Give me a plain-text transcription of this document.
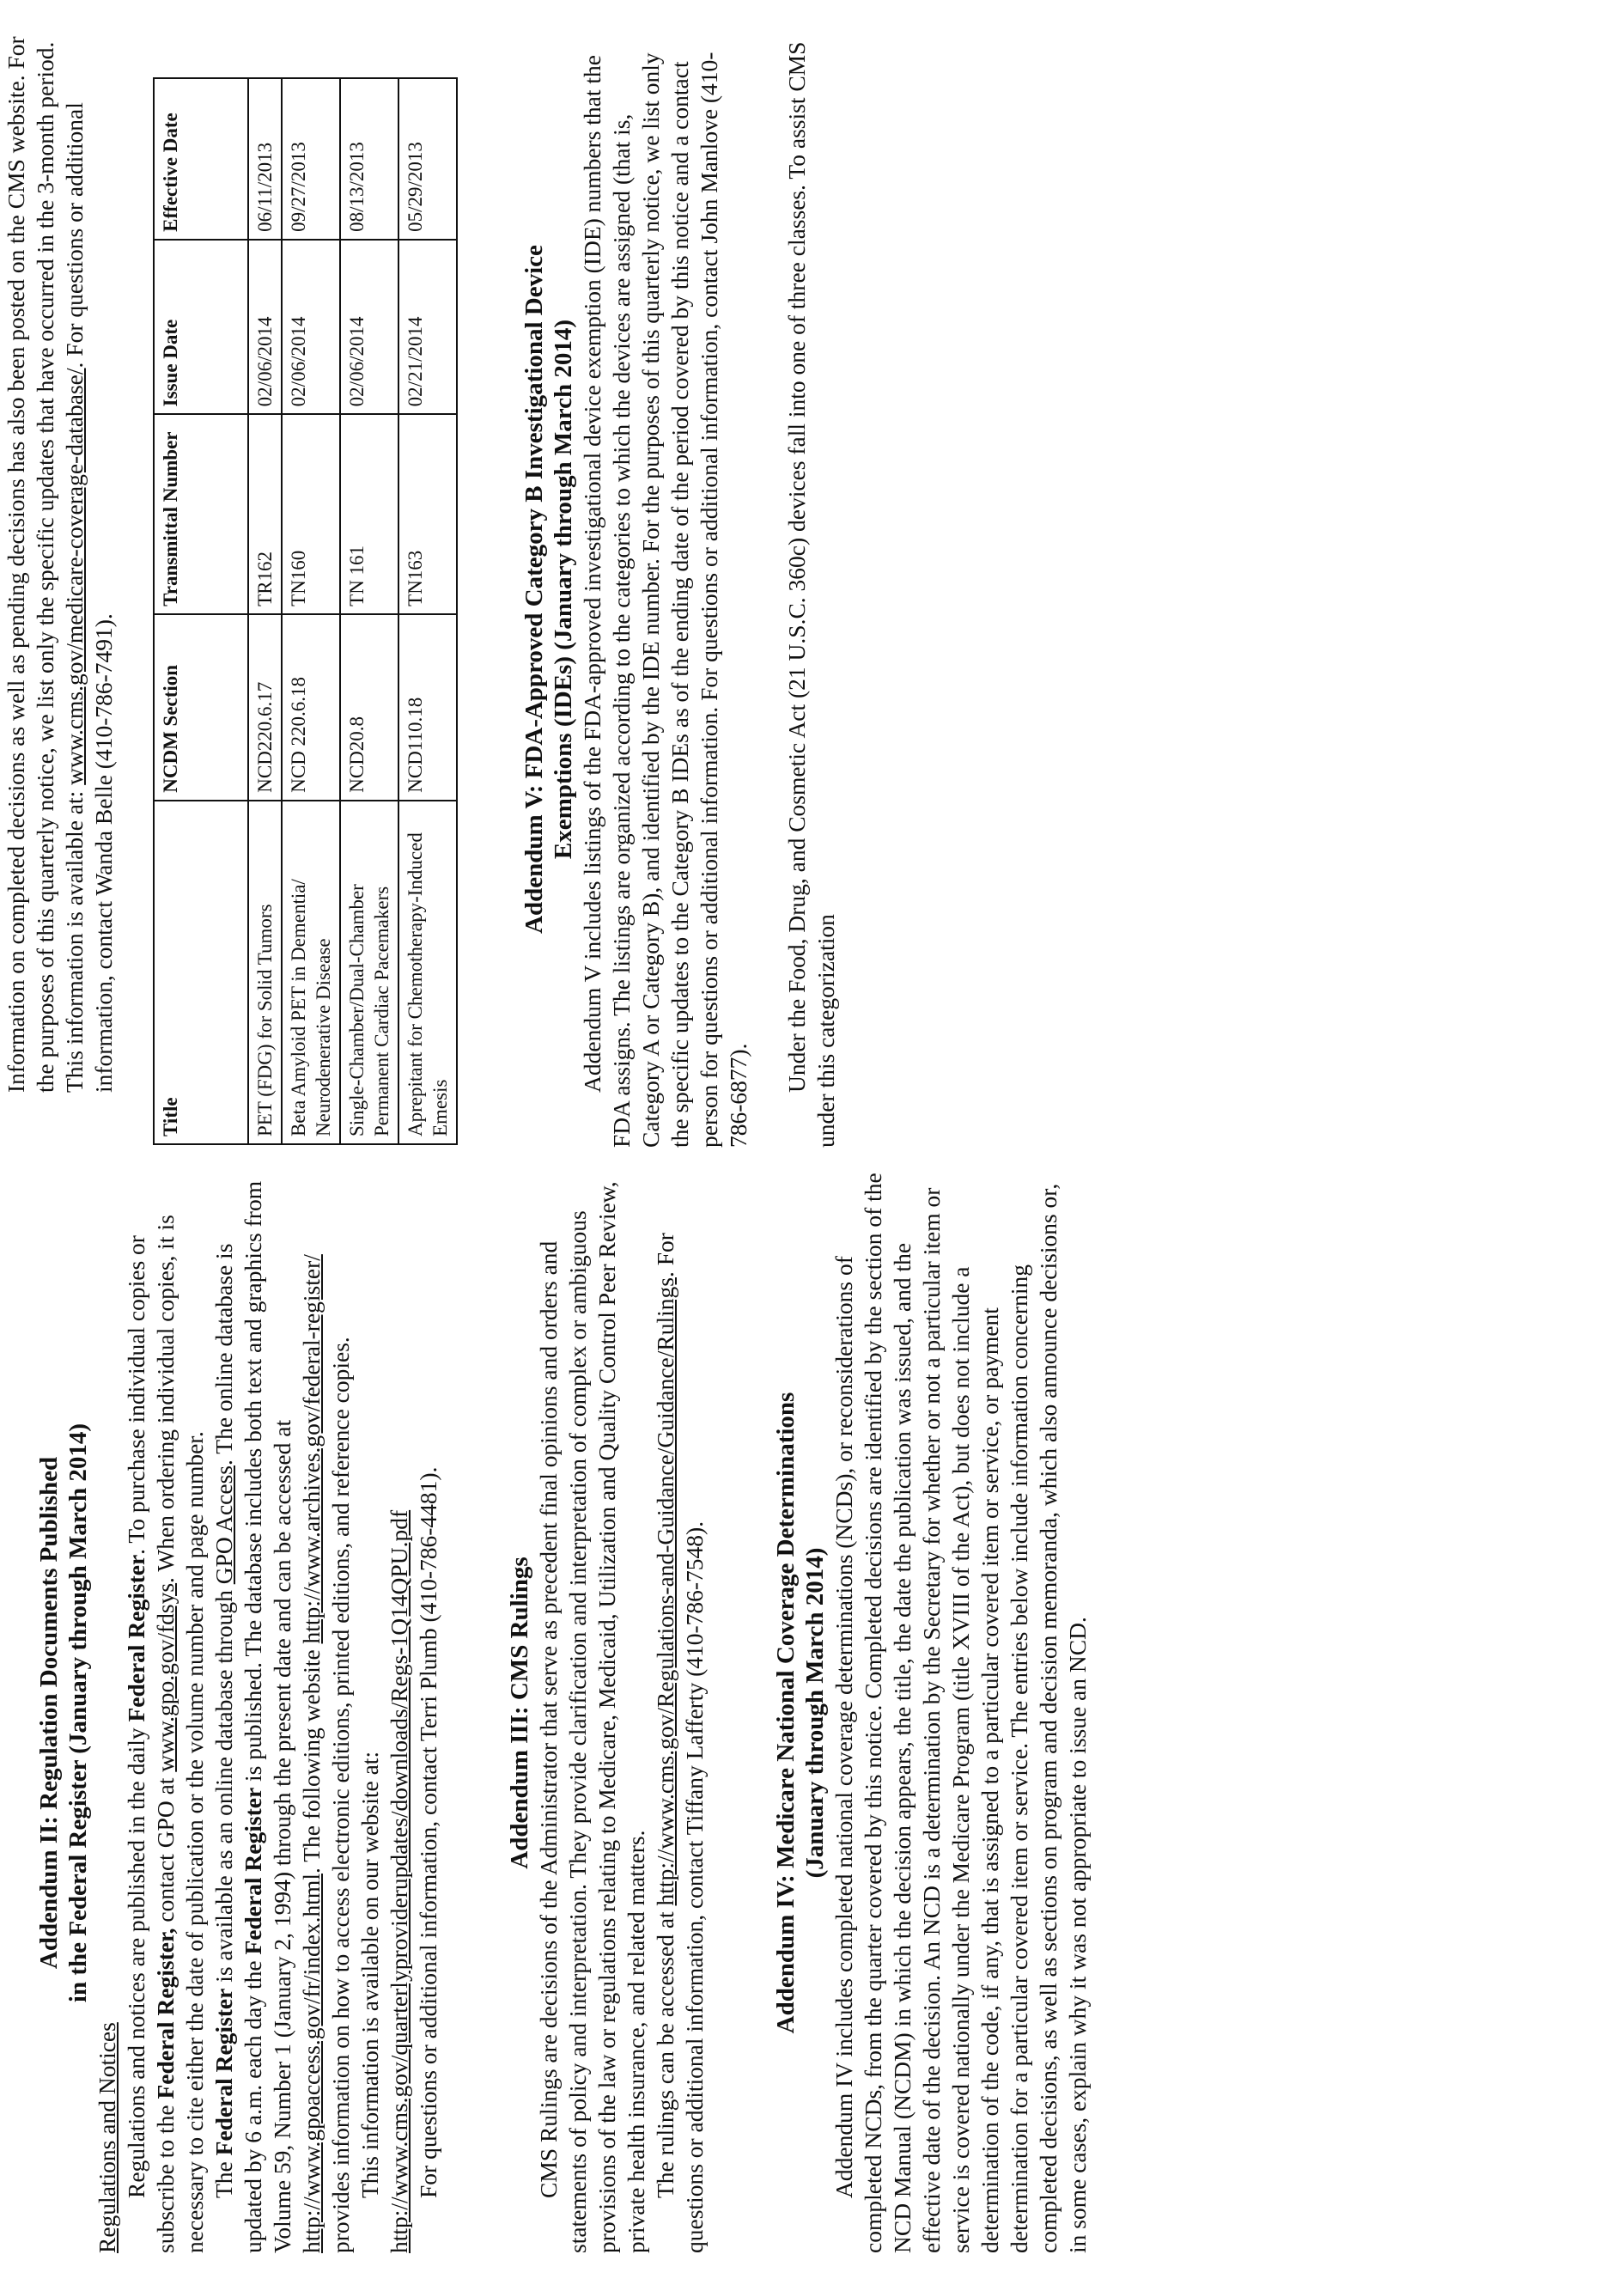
Addendum II: Regulation Documents Published in the Federal Register (January through March 2014)

Regulations and Notices Regulations and notices are published in the daily Federal Register. To purchase individual copies or subscribe to the Federal Register, contact GPO at www.gpo.gov/fdsys. When ordering individual copies, it is necessary to cite either the date of publication or the volume number and page number. The Federal Register is available as an online database through GPO Access. The online database is updated by 6 a.m. each day the Federal Register is published. The database includes both text and graphics from Volume 59, Number 1 (January 2, 1994) through the present date and can be accessed at http://www.gpoaccess.gov/fr/index.html. The following website http://www.archives.gov/federal-register/ provides information on how to access electronic editions, printed editions, and reference copies. This information is available on our website at: http://www.cms.gov/quarterlyproviderupdates/downloads/Regs-1Q14QPU.pdf For questions or additional information, contact Terri Plumb (410-786-4481).	Addendum III: CMS Rulings CMS Rulings are decisions of the Administrator that serve as precedent final opinions and orders and statements of policy and interpretation. They provide clarification and interpretation of complex or ambiguous provisions of the law or regulations relating to Medicare, Medicaid, Utilization and Quality Control Peer Review, private health insurance, and related matters. The rulings can be accessed at http://www.cms.gov/Regulations-and-Guidance/Guidance/Rulings. For questions or additional information, contact Tiffany Lafferty (410-786-7548).	Addendum IV: Medicare National Coverage Determinations (January through March 2014) Addendum IV includes completed national coverage determinations (NCDs), or reconsiderations of completed NCDs, from the quarter covered by this notice. Completed decisions are identified by the section of the NCD Manual (NCDM) in which the decision appears, the title, the date the publication was issued, and the effective date of the decision. An NCD is a determination by the Secretary for whether or not a particular item or service is covered nationally under the Medicare Program (title XVIII of the Act), but does not include a determination of the code, if any, that is assigned to a particular covered item or service, or payment determination for a particular covered item or service. The entries below include information concerning completed decisions, as well as sections on program and decision memoranda, which also announce decisions or, in some cases, explain why it was not appropriate to issue an NCD.

Information on completed decisions as well as pending decisions has also been posted on the CMS website. For the purposes of this quarterly notice, we list only the specific updates that have occurred in the 3-month period. This information is available at: www.cms.gov/medicare-coverage-database/. For questions or additional information, contact Wanda Belle (410-786-7491).

Title	NCDM Section	Transmittal Number	Issue Date	Effective Date
PET (FDG) for Solid Tumors	NCD220.6.17	TR162	02/06/2014	06/11/2013
Beta Amyloid PET in Dementia/ Neurodenerative Disease	NCD 220.6.18	TN160	02/06/2014	09/27/2013
Single-Chamber/Dual-Chamber Permanent Cardiac Pacemakers	NCD20.8	TN 161	02/06/2014	08/13/2013
Aprepitant for Chemotherapy-Induced Emesis	NCD110.18	TN163	02/21/2014	05/29/2013

Addendum V: FDA-Approved Category B Investigational Device Exemptions (IDEs) (January through March 2014) Addendum V includes listings of the FDA-approved investigational device exemption (IDE) numbers that the FDA assigns. The listings are organized according to the categories to which the devices are assigned (that is, Category A or Category B), and identified by the IDE number. For the purposes of this quarterly notice, we list only the specific updates to the Category B IDEs as of the ending date of the period covered by this notice and a contact person for questions or additional information. For questions or additional information, contact John Manlove (410-786-6877).

Under the Food, Drug, and Cosmetic Act (21 U.S.C. 360c) devices fall into one of three classes. To assist CMS under this categorization
